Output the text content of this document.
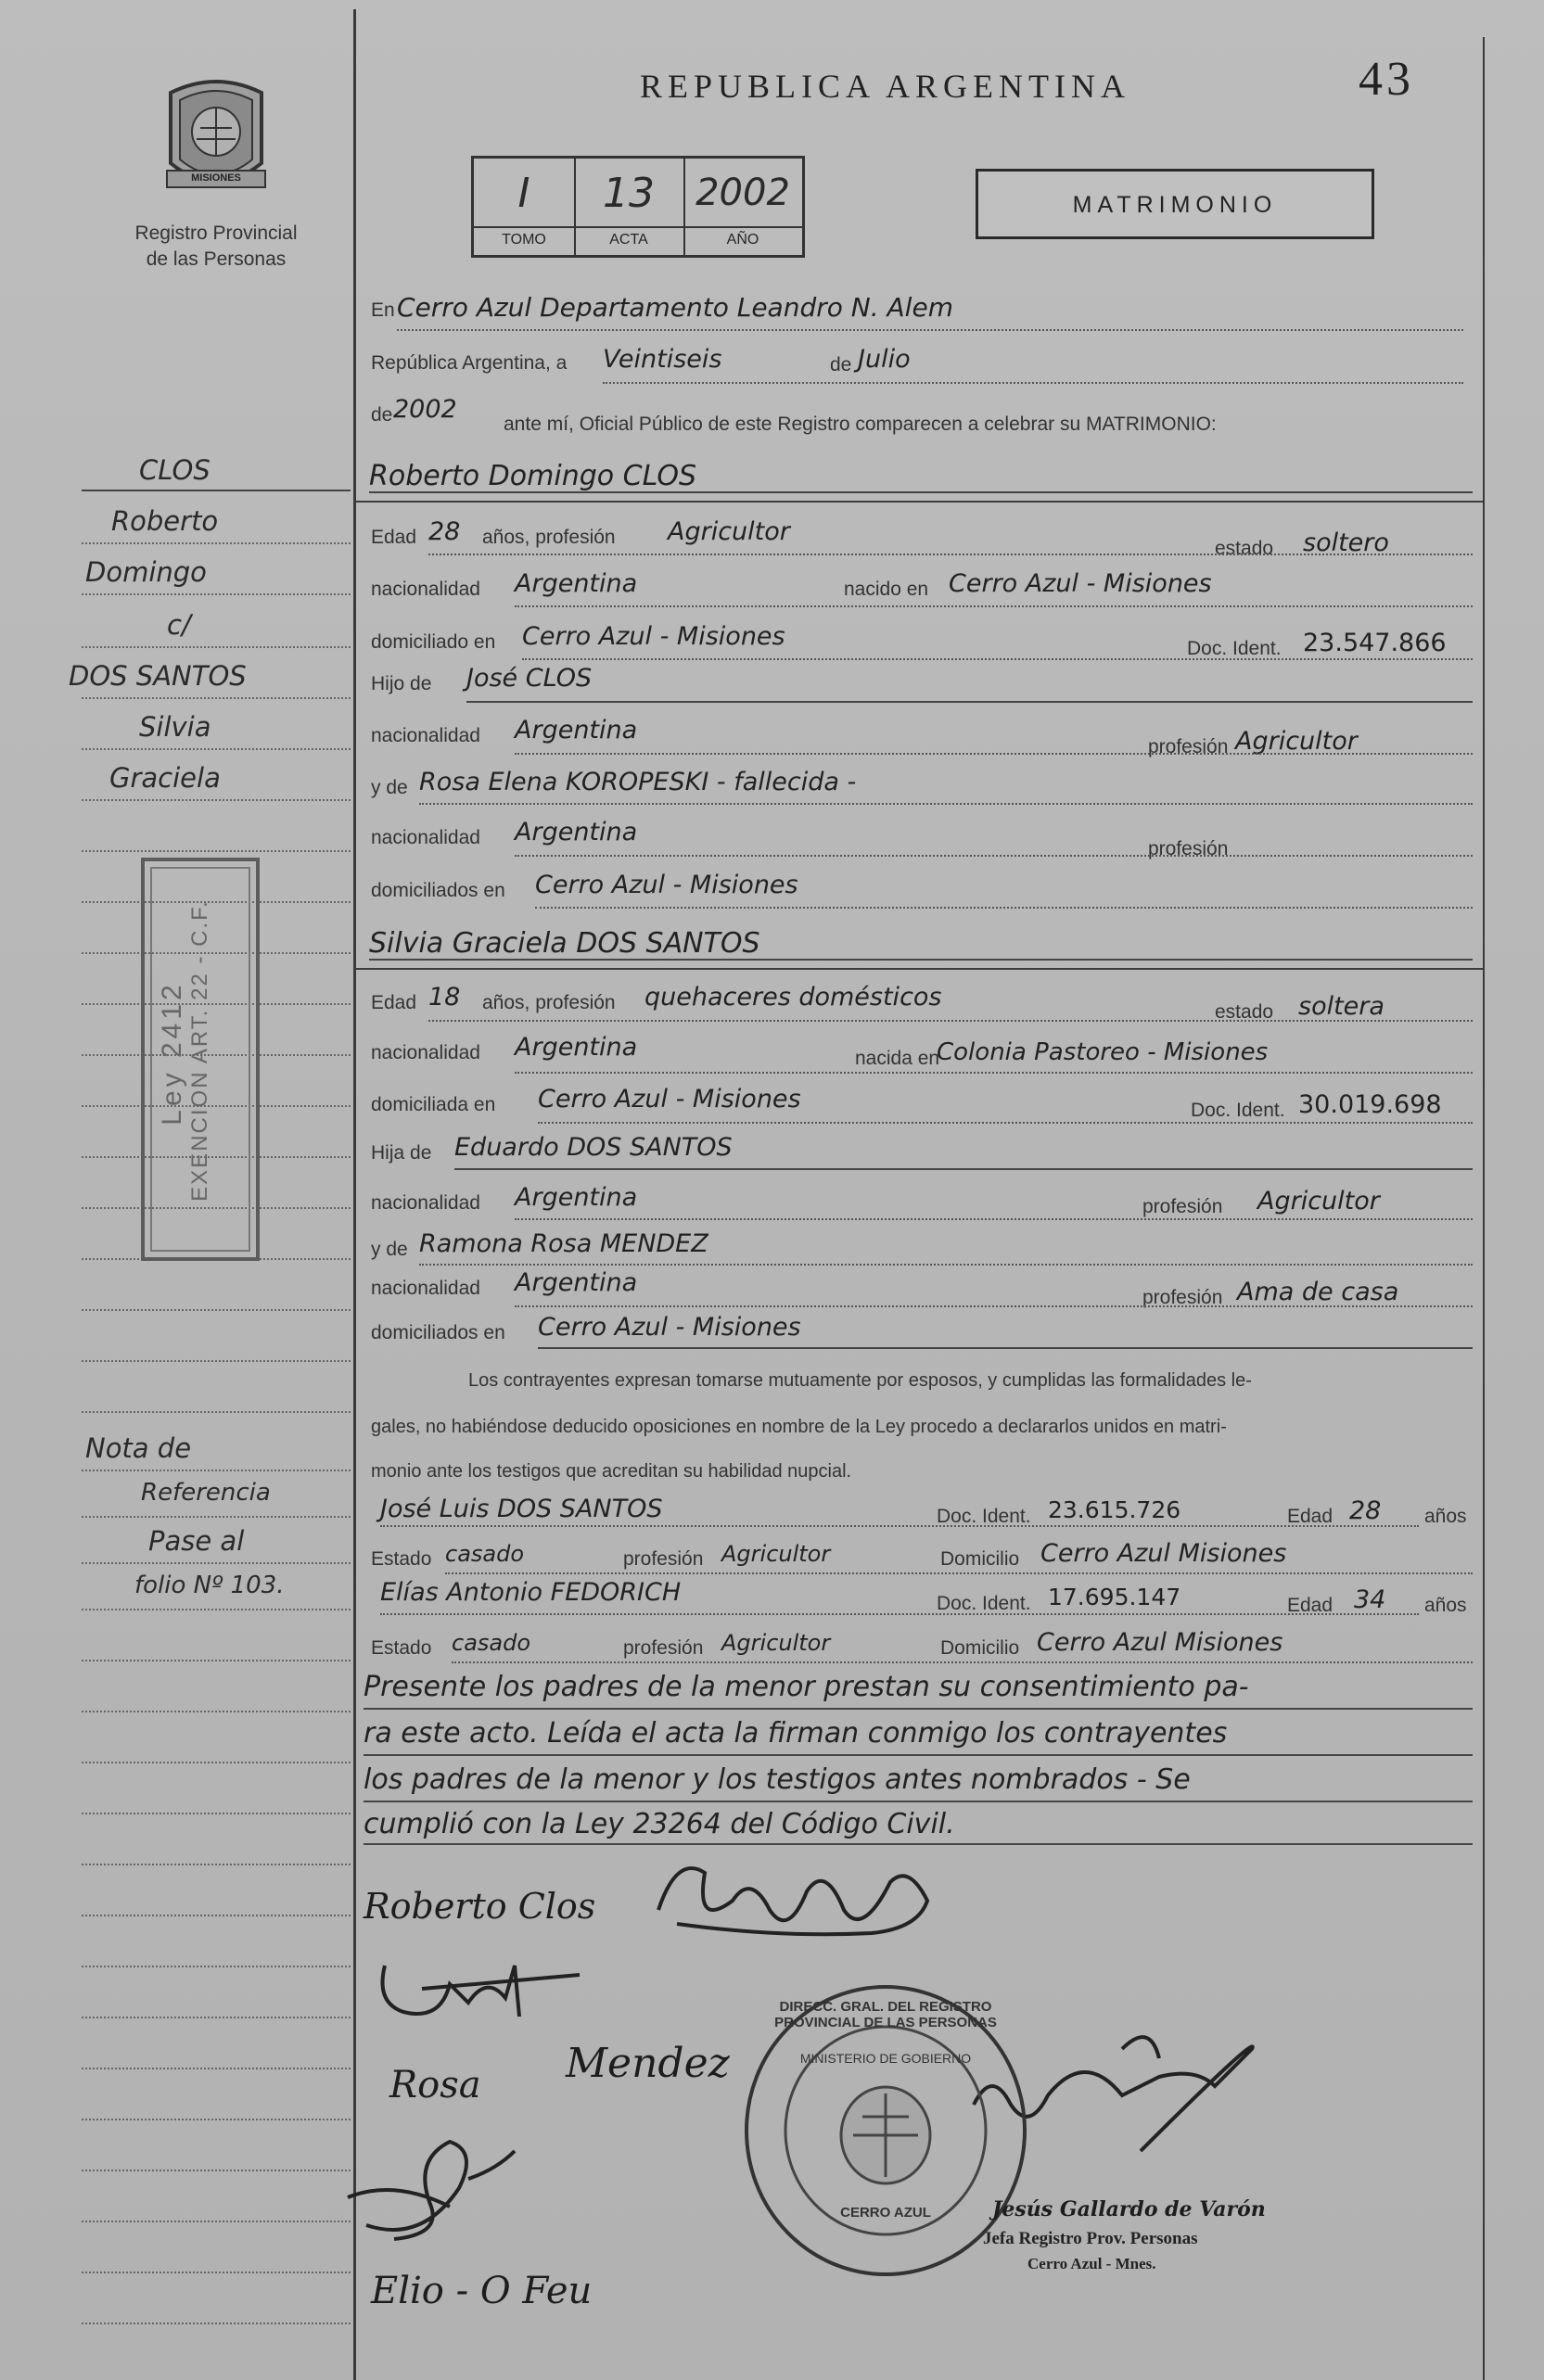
MISIONES
Registro Provincial
de las Personas
REPUBLICA ARGENTINA	43
I	13	2002
TOMO	ACTA	AÑO
MATRIMONIO
En Cerro Azul Departamento Leandro N. Alem
República Argentina, a Veintiseis	de Julio
de 2002
ante mí, Oficial Público de este Registro comparecen a celebrar su MATRIMONIO:
Roberto Domingo CLOS
Edad 28 años, profesión Agricultor
estado soltero
nacionalidad Argentina	nacido en Cerro Azul - Misiones
domiciliado en Cerro Azul - Misiones	Doc. Ident. 23.547.866
Hijo de José CLOS
nacionalidad Argentina
profesión Agricultor
y de Rosa Elena KOROPESKI - fallecida -
nacionalidad Argentina
profesión
domiciliados en Cerro Azul - Misiones
Silvia Graciela DOS SANTOS
Edad 18 años, profesión quehaceres domésticos
estado soltera
nacionalidad Argentina	nacida en
Colonia Pastoreo - Misiones
domiciliada en Cerro Azul - Misiones	Doc. Ident. 30.019.698
Hija de Eduardo DOS SANTOS
nacionalidad Argentina	profesión Agricultor
y de Ramona Rosa MENDEZ
nacionalidad Argentina
profesión Ama de casa
domiciliados en Cerro Azul - Misiones
Los contrayentes expresan tomarse mutuamente por esposos, y cumplidas las formalidades le-
gales, no habiéndose deducido oposiciones en nombre de la Ley procedo a declararlos unidos en matri-
monio ante los testigos que acreditan su habilidad nupcial.
José Luis DOS SANTOS	Doc. Ident. 23.615.726	Edad 28 años
Estado casado	profesión Agricultor	Domicilio Cerro Azul Misiones
Elías Antonio FEDORICH	Doc. Ident. 17.695.147	Edad 34 años
Estado casado	profesión Agricultor	Domicilio Cerro Azul Misiones
Presente los padres de la menor prestan su consentimiento pa-
ra este acto. Leída el acta la firman conmigo los contrayentes
los padres de la menor y los testigos antes nombrados - Se
cumplió con la Ley 23264 del Código Civil.
Roberto Clos
Rosa Mendez
Elio - O Feu
DIRECC. GRAL. DEL REGISTRO PROVINCIAL DE LAS PERSONAS
MINISTERIO DE GOBIERNO
CERRO AZUL	Jesús Gallardo de Varón
Jefa Registro Prov. Personas
Cerro Azul - Mnes.
CLOS
Roberto
Domingo
c/
DOS SANTOS
Silvia
Graciela
Ley 2412 EXENCION ART. 22 - C.F.
Nota de
Referencia
Pase al
folio Nº 103.
